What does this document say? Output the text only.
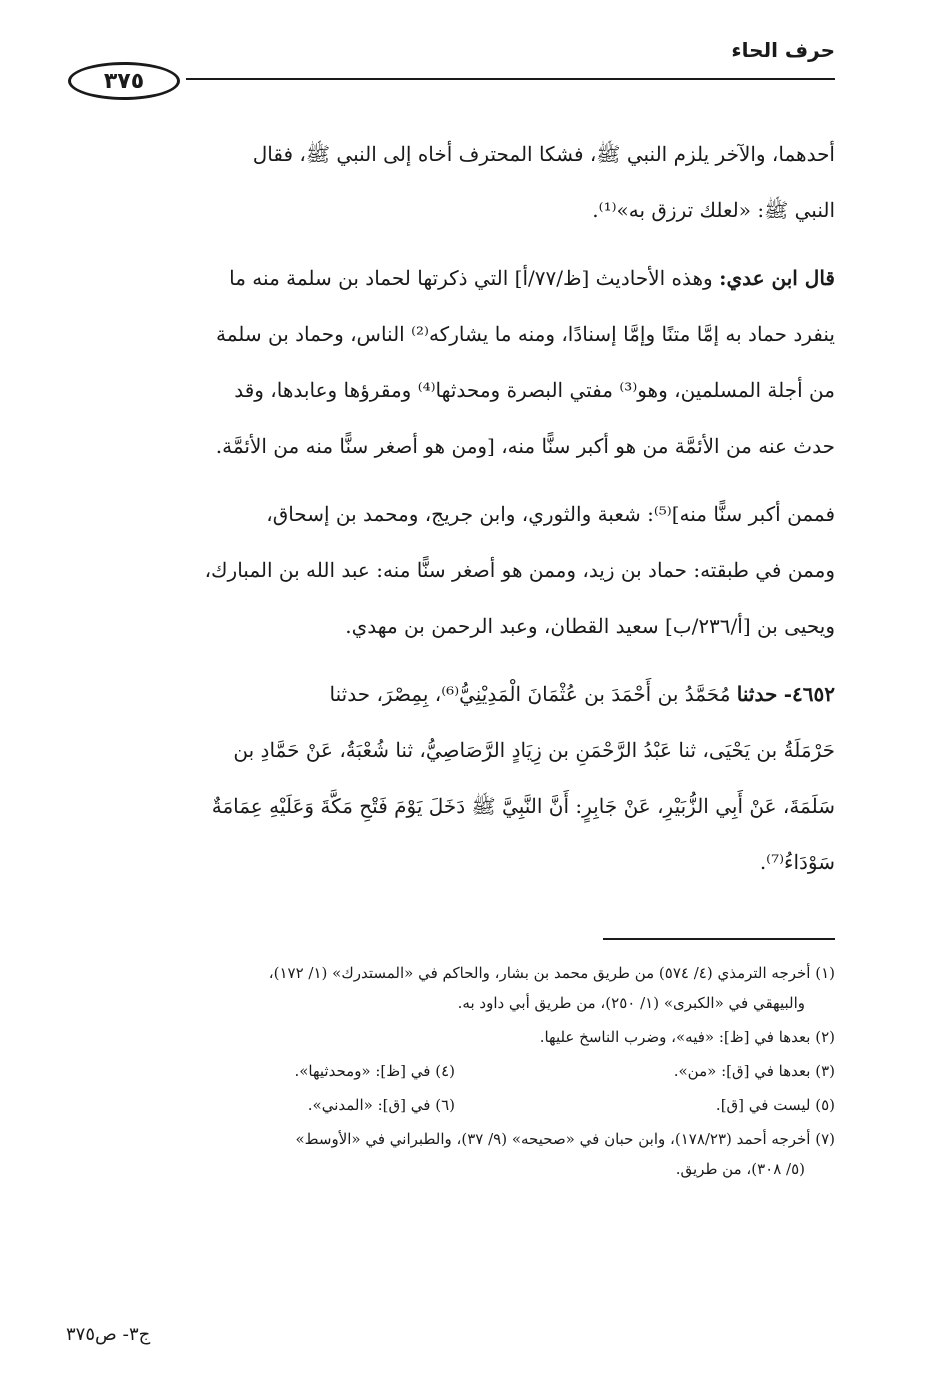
حرف الحاء
٣٧٥

أحدهما، والآخر يلزم النبي ﷺ، فشكا المحترف أخاه إلى النبي ﷺ، فقال
النبي ﷺ: «لعلك ترزق به»⁽¹⁾.

قال ابن عدي: وهذه الأحاديث [ظ/٧٧/أ] التي ذكرتها لحماد بن سلمة منه ما
ينفرد حماد به إمَّا متنًا وإمَّا إسنادًا، ومنه ما يشاركه⁽²⁾ الناس، وحماد بن سلمة
من أجلة المسلمين، وهو⁽³⁾ مفتي البصرة ومحدثها⁽⁴⁾ ومقرؤها وعابدها، وقد
حدث عنه من الأئمَّة من هو أكبر سنًّا منه، [ومن هو أصغر سنًّا منه من الأئمَّة.

فممن أكبر سنًّا منه]⁽⁵⁾: شعبة والثوري، وابن جريج، ومحمد بن إسحاق،
وممن في طبقته: حماد بن زيد، وممن هو أصغر سنًّا منه: عبد الله بن المبارك،
ويحيى بن [أ/٢٣٦/ب] سعيد القطان، وعبد الرحمن بن مهدي.

٤٦٥٢- حدثنا مُحَمَّدُ بن أَحْمَدَ بن عُثْمَانَ الْمَدِيْنِيُّ⁽⁶⁾، بِمِصْرَ، حدثنا
حَرْمَلَةُ بن يَحْيَى، ثنا عَبْدُ الرَّحْمَنِ بن زِيَادٍ الرَّصَاصِيُّ، ثنا شُعْبَةُ، عَنْ حَمَّادِ بن
سَلَمَةَ، عَنْ أَبِي الزُّبَيْرِ، عَنْ جَابِرٍ: أَنَّ النَّبِيَّ ﷺ دَخَلَ يَوْمَ فَتْحِ مَكَّةَ وَعَلَيْهِ عِمَامَةٌ
سَوْدَاءُ⁽⁷⁾.

(١) أخرجه الترمذي (٤/ ٥٧٤) من طريق محمد بن بشار، والحاكم في «المستدرك» (١/ ١٧٢)،
والبيهقي في «الكبرى» (١/ ٢٥٠)، من طريق أبي داود به.
(٢) بعدها في [ظ]: «فيه»، وضرب الناسخ عليها.
(٣) بعدها في [ق]: «من».
(٤) في [ظ]: «ومحدثيها».
(٥) ليست في [ق].
(٦) في [ق]: «المدني».
(٧) أخرجه أحمد (١٧٨/٢٣)، وابن حبان في «صحيحه» (٩/ ٣٧)، والطبراني في «الأوسط»
(٥/ ٣٠٨)، من طريق.
ج٣- ص٣٧٥
